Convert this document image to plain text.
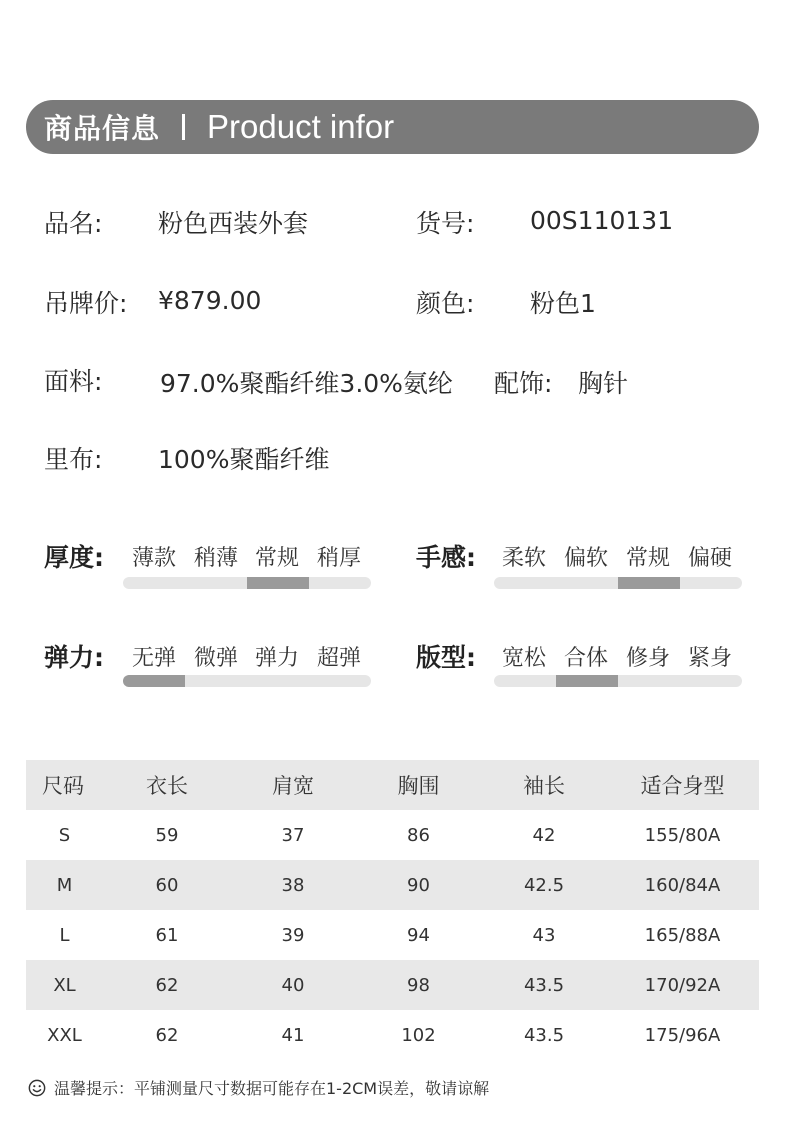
商品信息 Product infor
品名: 粉色西装外套	货号: 00S110131
吊牌价: ¥879.00	颜色: 粉色1
面料: 97.0%聚酯纤维3.0%氨纶 配饰: 胸针
里布: 100%聚酯纤维
厚度:	薄款 稍薄 常规 稍厚	手感:	柔软 偏软 常规 偏硬
弹力:	无弹 微弹 弹力 超弹	版型:	宽松 合体 修身 紧身
尺码	衣长	肩宽	胸围	袖长	适合身型
S	59	37	86	42	155/80A
M	60	38	90	42.5	160/84A
L	61	39	94	43	165/88A
XL	62	40	98	43.5	170/92A
XXL	62	41	102	43.5	175/96A
温馨提示：平铺测量尺寸数据可能存在1-2CM误差，敬请谅解
